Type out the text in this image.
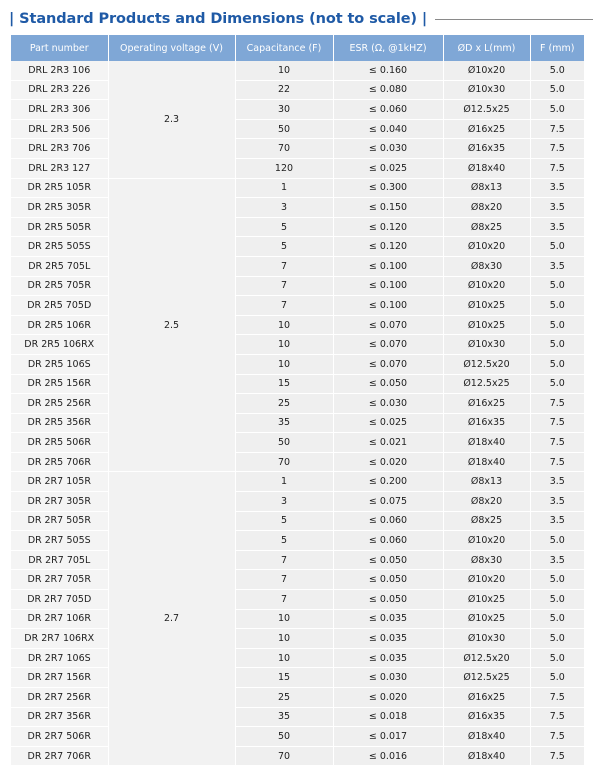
| Standard Products and Dimensions (not to scale) |
Part number	Operating voltage (V)	Capacitance (F)	ESR (Ω, @1kHZ)	ØD x L(mm)	F (mm)
DRL 2R3 106	2.3	10	≤ 0.160	Ø10x20	5.0
DRL 2R3 226		22	≤ 0.080	Ø10x30	5.0
DRL 2R3 306		30	≤ 0.060	Ø12.5x25	5.0
DRL 2R3 506		50	≤ 0.040	Ø16x25	7.5
DRL 2R3 706		70	≤ 0.030	Ø16x35	7.5
DRL 2R3 127		120	≤ 0.025	Ø18x40	7.5
DR 2R5 105R	2.5	1	≤ 0.300	Ø8x13	3.5
DR 2R5 305R		3	≤ 0.150	Ø8x20	3.5
DR 2R5 505R		5	≤ 0.120	Ø8x25	3.5
DR 2R5 505S		5	≤ 0.120	Ø10x20	5.0
DR 2R5 705L		7	≤ 0.100	Ø8x30	3.5
DR 2R5 705R		7	≤ 0.100	Ø10x20	5.0
DR 2R5 705D		7	≤ 0.100	Ø10x25	5.0
DR 2R5 106R		10	≤ 0.070	Ø10x25	5.0
DR 2R5 106RX		10	≤ 0.070	Ø10x30	5.0
DR 2R5 106S		10	≤ 0.070	Ø12.5x20	5.0
DR 2R5 156R		15	≤ 0.050	Ø12.5x25	5.0
DR 2R5 256R		25	≤ 0.030	Ø16x25	7.5
DR 2R5 356R		35	≤ 0.025	Ø16x35	7.5
DR 2R5 506R		50	≤ 0.021	Ø18x40	7.5
DR 2R5 706R		70	≤ 0.020	Ø18x40	7.5
DR 2R7 105R	2.7	1	≤ 0.200	Ø8x13	3.5
DR 2R7 305R		3	≤ 0.075	Ø8x20	3.5
DR 2R7 505R		5	≤ 0.060	Ø8x25	3.5
DR 2R7 505S		5	≤ 0.060	Ø10x20	5.0
DR 2R7 705L		7	≤ 0.050	Ø8x30	3.5
DR 2R7 705R		7	≤ 0.050	Ø10x20	5.0
DR 2R7 705D		7	≤ 0.050	Ø10x25	5.0
DR 2R7 106R		10	≤ 0.035	Ø10x25	5.0
DR 2R7 106RX		10	≤ 0.035	Ø10x30	5.0
DR 2R7 106S		10	≤ 0.035	Ø12.5x20	5.0
DR 2R7 156R		15	≤ 0.030	Ø12.5x25	5.0
DR 2R7 256R		25	≤ 0.020	Ø16x25	7.5
DR 2R7 356R		35	≤ 0.018	Ø16x35	7.5
DR 2R7 506R		50	≤ 0.017	Ø18x40	7.5
DR 2R7 706R		70	≤ 0.016	Ø18x40	7.5
